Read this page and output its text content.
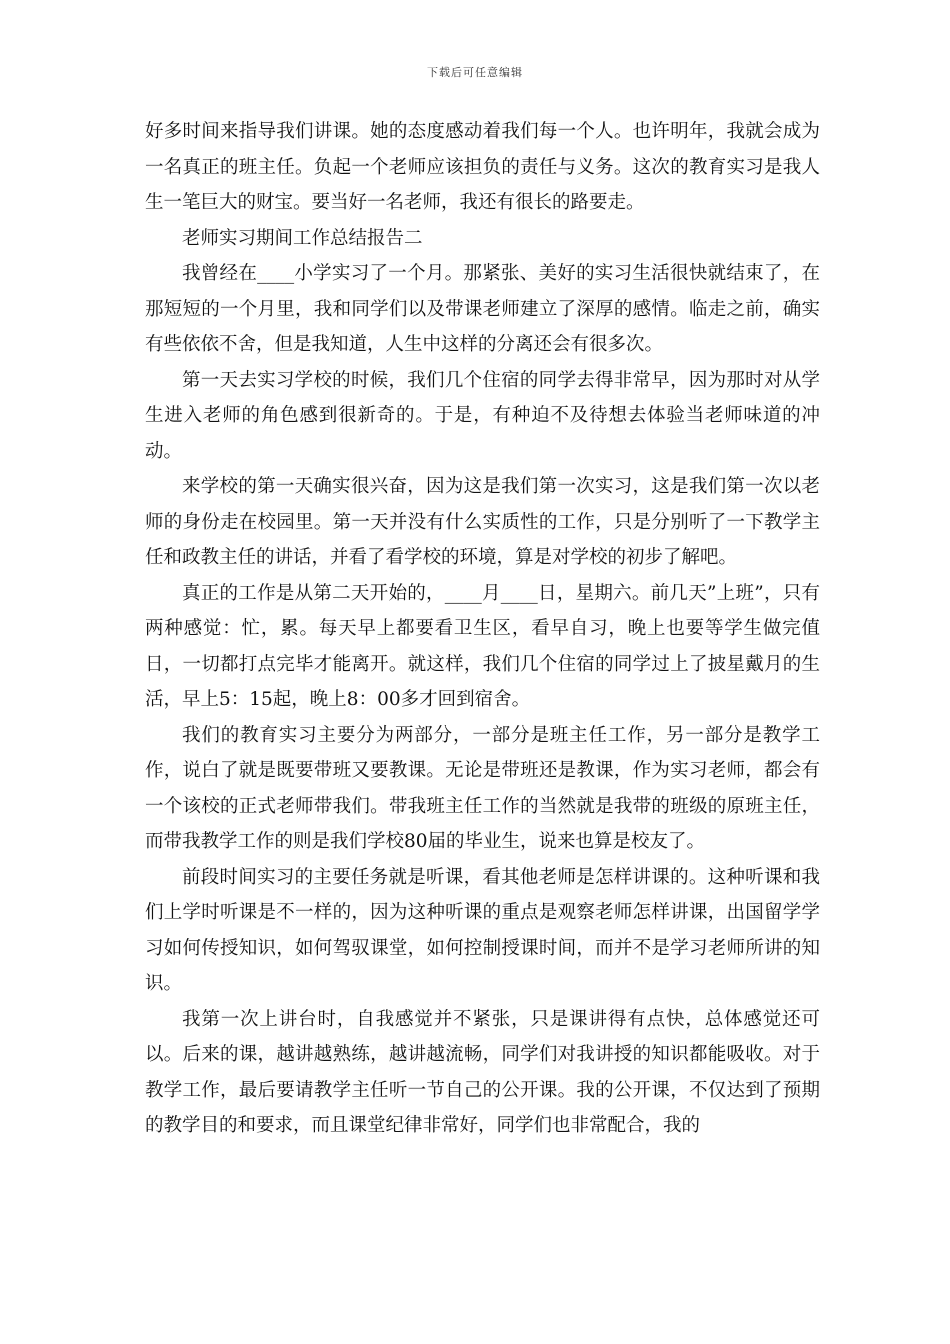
下载后可任意编辑

好多时间来指导我们讲课。她的态度感动着我们每一个人。也许明年，我就会成为一名真正的班主任。负起一个老师应该担负的责任与义务。这次的教育实习是我人生一笔巨大的财宝。要当好一名老师，我还有很长的路要走。

老师实习期间工作总结报告二

我曾经在____小学实习了一个月。那紧张、美好的实习生活很快就结束了，在那短短的一个月里，我和同学们以及带课老师建立了深厚的感情。临走之前，确实有些依依不舍，但是我知道，人生中这样的分离还会有很多次。

第一天去实习学校的时候，我们几个住宿的同学去得非常早，因为那时对从学生进入老师的角色感到很新奇的。于是，有种迫不及待想去体验当老师味道的冲动。

来学校的第一天确实很兴奋，因为这是我们第一次实习，这是我们第一次以老师的身份走在校园里。第一天并没有什么实质性的工作，只是分别听了一下教学主任和政教主任的讲话，并看了看学校的环境，算是对学校的初步了解吧。

真正的工作是从第二天开始的，____月____日，星期六。前几天”上班”，只有两种感觉：忙，累。每天早上都要看卫生区，看早自习，晚上也要等学生做完值日，一切都打点完毕才能离开。就这样，我们几个住宿的同学过上了披星戴月的生活，早上5：15起，晚上8：00多才回到宿舍。

我们的教育实习主要分为两部分，一部分是班主任工作，另一部分是教学工作，说白了就是既要带班又要教课。无论是带班还是教课，作为实习老师，都会有一个该校的正式老师带我们。带我班主任工作的当然就是我带的班级的原班主任，而带我教学工作的则是我们学校80届的毕业生，说来也算是校友了。

前段时间实习的主要任务就是听课，看其他老师是怎样讲课的。这种听课和我们上学时听课是不一样的，因为这种听课的重点是观察老师怎样讲课，出国留学学习如何传授知识，如何驾驭课堂，如何控制授课时间，而并不是学习老师所讲的知识。

我第一次上讲台时，自我感觉并不紧张，只是课讲得有点快，总体感觉还可以。后来的课，越讲越熟练，越讲越流畅，同学们对我讲授的知识都能吸收。对于教学工作，最后要请教学主任听一节自己的公开课。我的公开课，不仅达到了预期的教学目的和要求，而且课堂纪律非常好，同学们也非常配合，我的
